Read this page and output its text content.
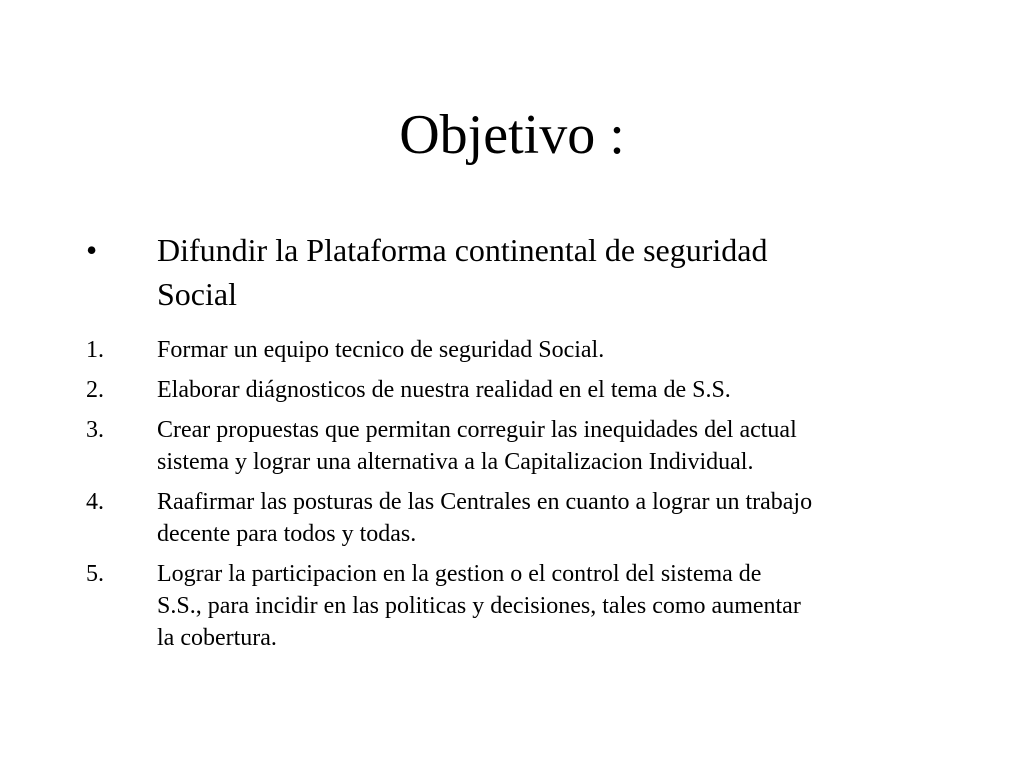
Objetivo :
• Difundir la Plataforma continental de seguridad
Social
1. Formar un equipo tecnico de seguridad Social.
2. Elaborar diágnosticos de nuestra realidad en el tema de S.S.
3. Crear propuestas que permitan correguir las inequidades del actual
sistema y lograr una alternativa a la Capitalizacion Individual.
4. Raafirmar las posturas de las Centrales en cuanto a lograr un trabajo
decente para todos y todas.
5. Lograr la participacion en la gestion o el control del sistema de
S.S., para incidir en las politicas y decisiones, tales como aumentar
la cobertura.
